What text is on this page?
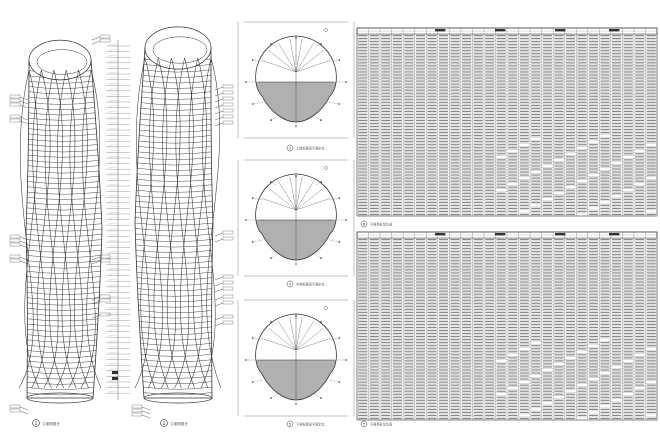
1 立面图展开	2 立面图展开
3 上部标准层平面定位
4 中部标准层平面定位
5 下部标准层平面定位
6 平面坐标定位表
7 平面坐标定位表
